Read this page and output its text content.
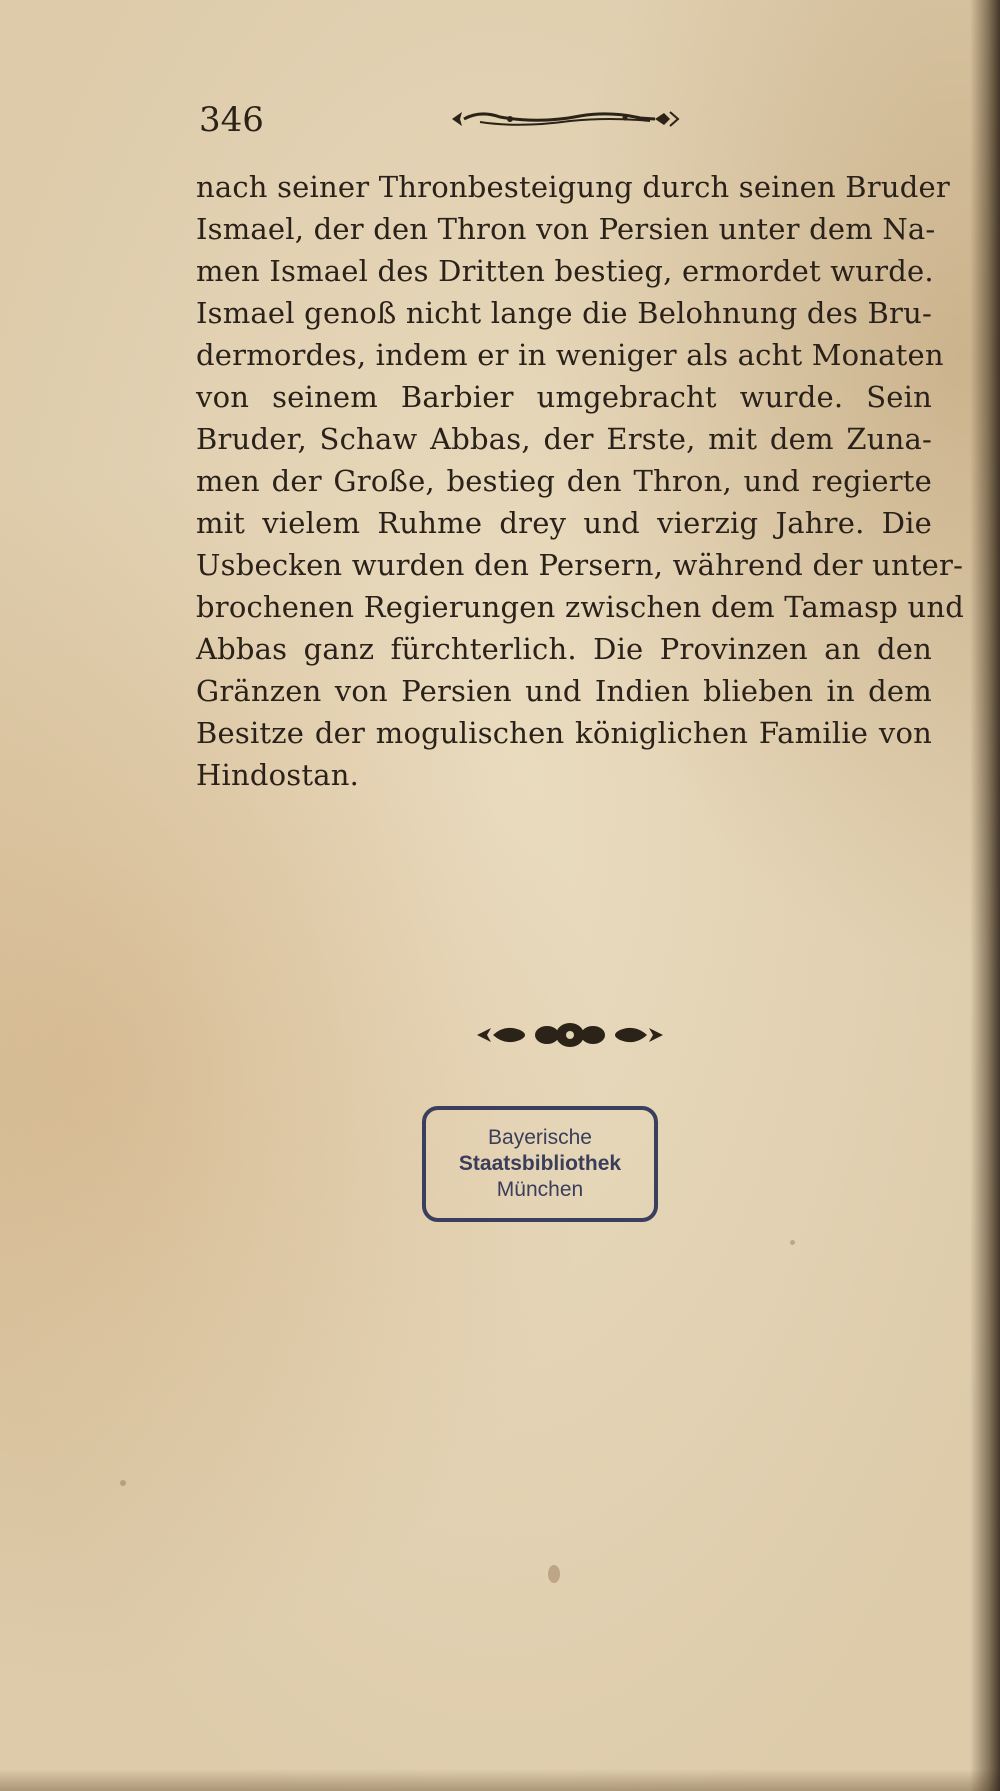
346
nach seiner Thronbesteigung durch seinen Bruder
Ismael, der den Thron von Persien unter dem Na-
men Ismael des Dritten bestieg, ermordet wurde.
Ismael genoß nicht lange die Belohnung des Bru-
dermordes, indem er in weniger als acht Monaten
von seinem Barbier umgebracht wurde. Sein
Bruder, Schaw Abbas, der Erste, mit dem Zuna-
men der Große, bestieg den Thron, und regierte
mit vielem Ruhme drey und vierzig Jahre. Die
Usbecken wurden den Persern, während der unter-
brochenen Regierungen zwischen dem Tamasp und
Abbas ganz fürchterlich. Die Provinzen an den
Gränzen von Persien und Indien blieben in dem
Besitze der mogulischen königlichen Familie von
Hindostan.
Bayerische
Staatsbibliothek
München
